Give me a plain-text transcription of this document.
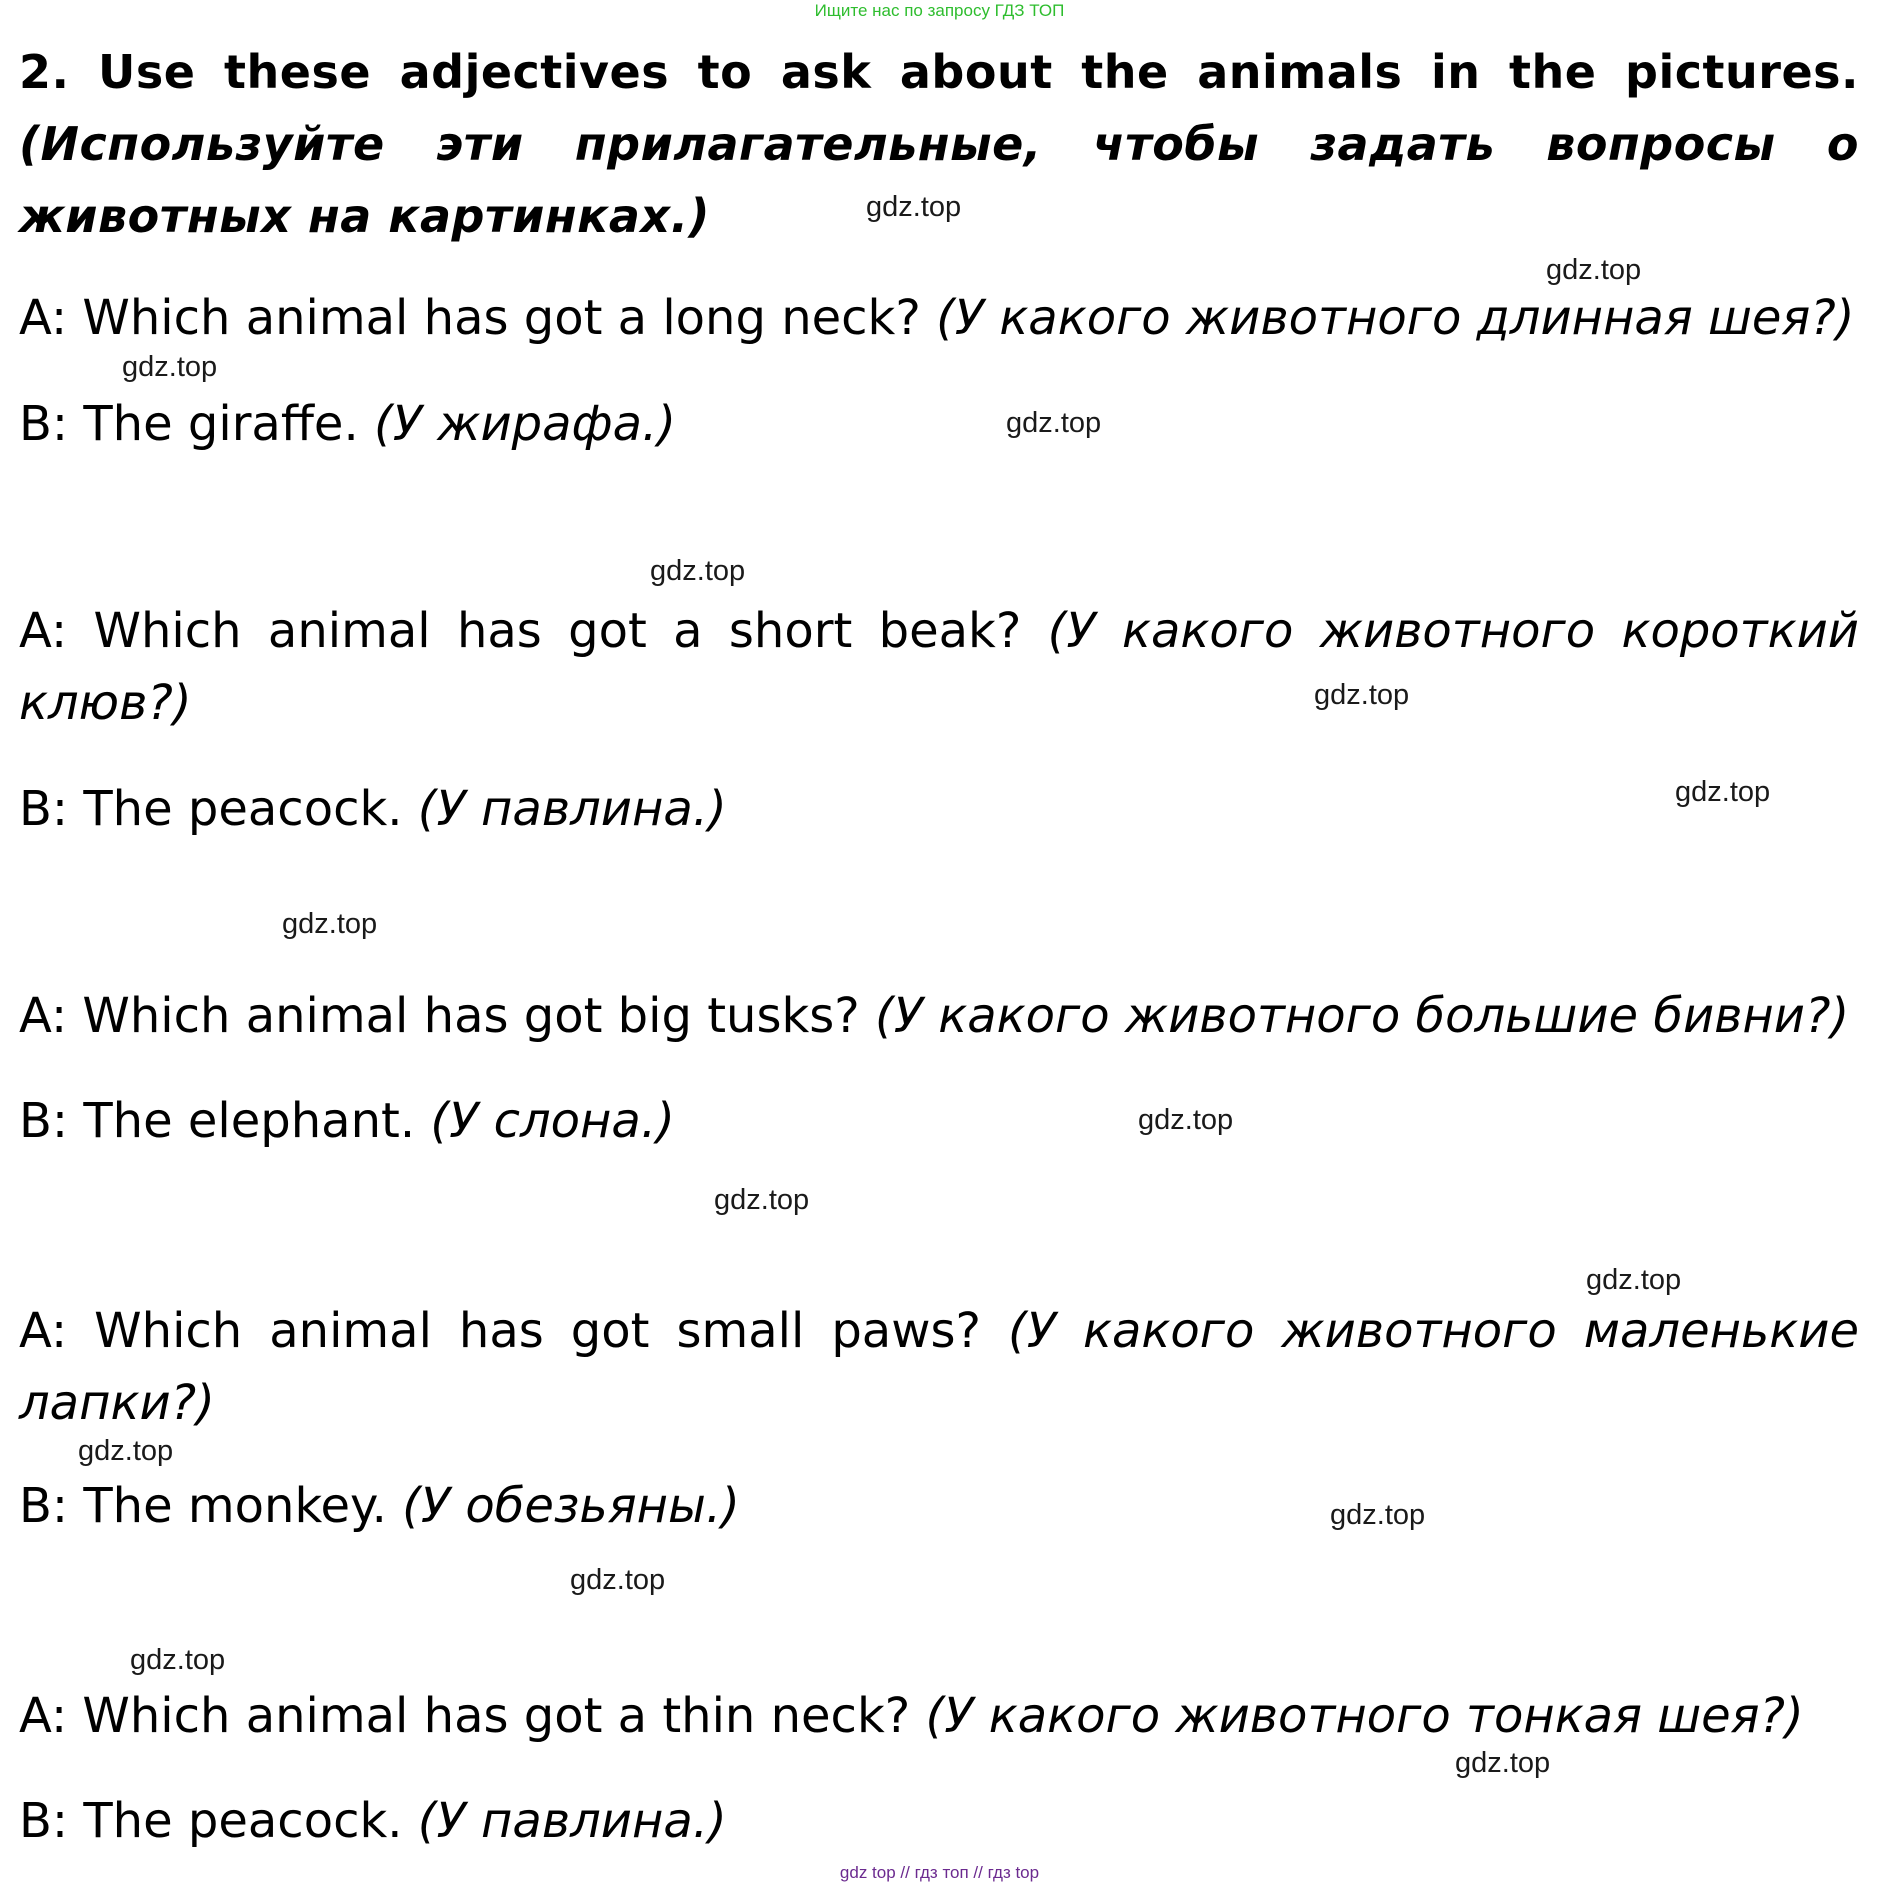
Ищите нас по запросу ГДЗ ТОП
2. Use these adjectives to ask about the animals in the pictures. (Используйте эти прилагательные, чтобы задать вопросы о животных на картинках.)
A: Which animal has got a long neck? (У какого животного длинная шея?)
B: The giraffe. (У жирафа.)
A: Which animal has got a short beak? (У какого животного короткий клюв?)
B: The peacock. (У павлина.)
A: Which animal has got big tusks? (У какого животного большие бивни?)
B: The elephant. (У слона.)
A: Which animal has got small paws? (У какого животного маленькие лапки?)
B: The monkey. (У обезьяны.)
A: Which animal has got a thin neck? (У какого животного тонкая шея?)
B: The peacock. (У павлина.)
gdz.top
gdz.top
gdz.top
gdz.top
gdz.top
gdz.top
gdz.top
gdz.top
gdz.top
gdz.top
gdz.top
gdz.top
gdz.top
gdz.top
gdz.top
gdz.top
gdz top // гдз топ // гдз top
